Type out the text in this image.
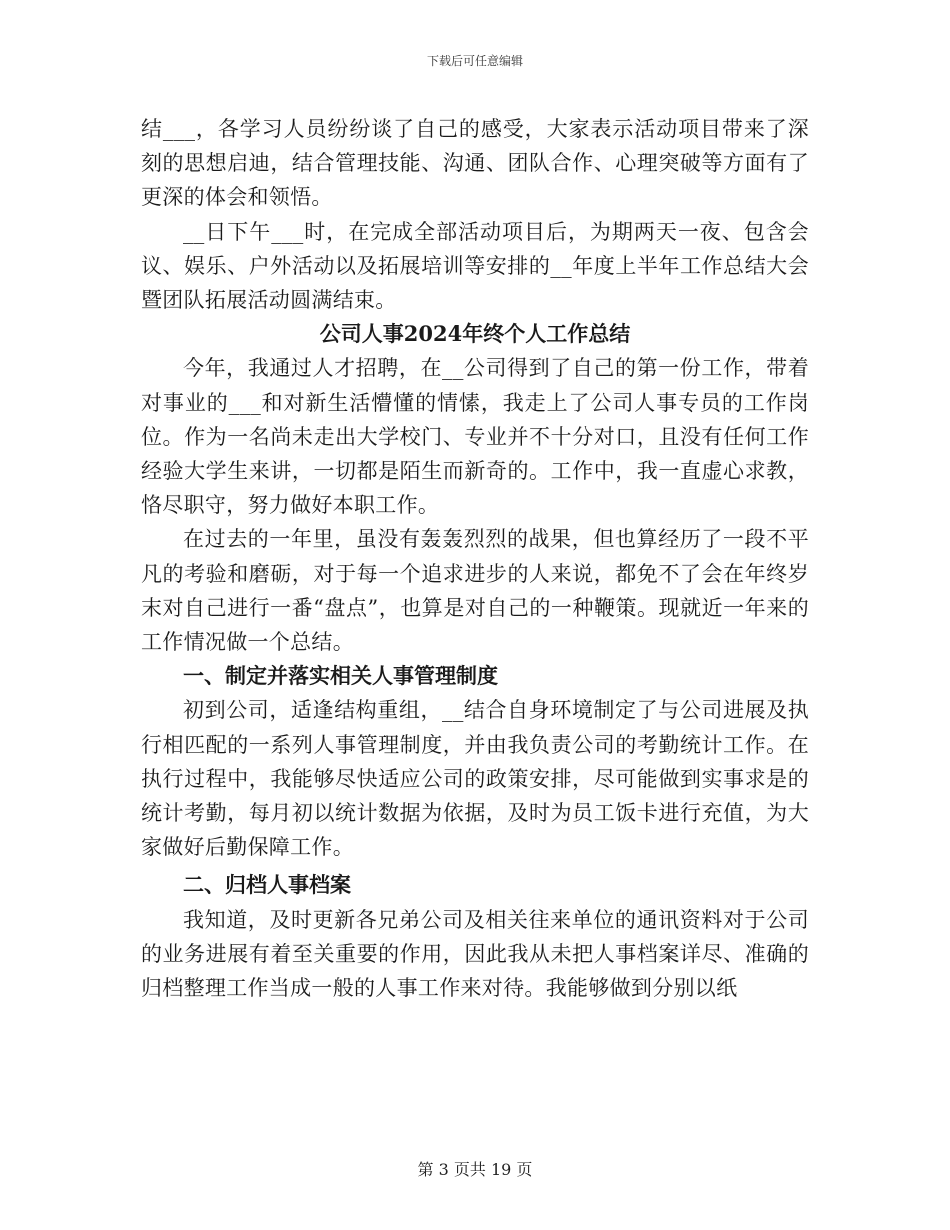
下载后可任意编辑

结___，各学习人员纷纷谈了自己的感受，大家表示活动项目带来了深刻的思想启迪，结合管理技能、沟通、团队合作、心理突破等方面有了更深的体会和领悟。

__日下午___时，在完成全部活动项目后，为期两天一夜、包含会议、娱乐、户外活动以及拓展培训等安排的__年度上半年工作总结大会暨团队拓展活动圆满结束。

公司人事2024年终个人工作总结

今年，我通过人才招聘，在__公司得到了自己的第一份工作，带着对事业的___和对新生活懵懂的情愫，我走上了公司人事专员的工作岗位。作为一名尚未走出大学校门、专业并不十分对口，且没有任何工作经验大学生来讲，一切都是陌生而新奇的。工作中，我一直虚心求教，恪尽职守，努力做好本职工作。

在过去的一年里，虽没有轰轰烈烈的战果，但也算经历了一段不平凡的考验和磨砺，对于每一个追求进步的人来说，都免不了会在年终岁末对自己进行一番“盘点”，也算是对自己的一种鞭策。现就近一年来的工作情况做一个总结。

一、制定并落实相关人事管理制度

初到公司，适逢结构重组，__结合自身环境制定了与公司进展及执行相匹配的一系列人事管理制度，并由我负责公司的考勤统计工作。在执行过程中，我能够尽快适应公司的政策安排，尽可能做到实事求是的统计考勤，每月初以统计数据为依据，及时为员工饭卡进行充值，为大家做好后勤保障工作。

二、归档人事档案

我知道，及时更新各兄弟公司及相关往来单位的通讯资料对于公司的业务进展有着至关重要的作用，因此我从未把人事档案详尽、准确的归档整理工作当成一般的人事工作来对待。我能够做到分别以纸

第 3 页共 19 页
